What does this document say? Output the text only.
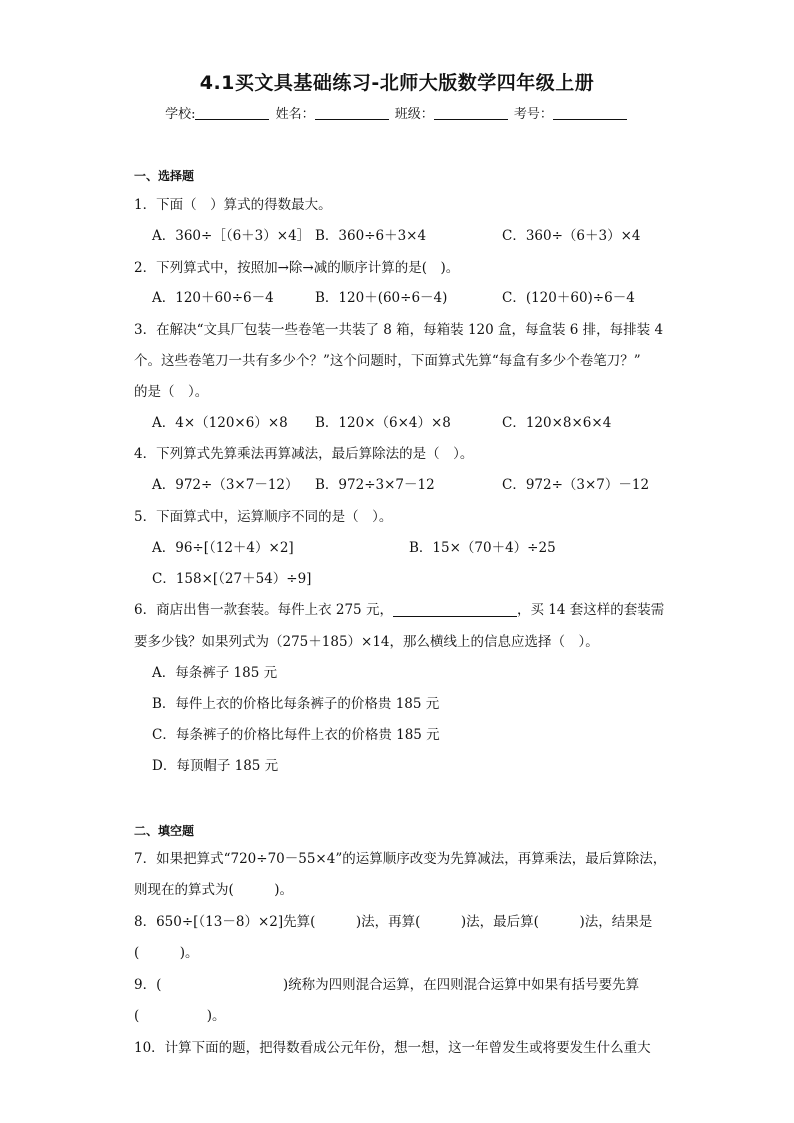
4.1买文具基础练习-北师大版数学四年级上册
学校:	姓名：	班级：	考号：
一、选择题
1．下面（　）算式的得数最大。
A．360÷［（6＋3）×4］ B．360÷6＋3×4	C．360÷（6＋3）×4
2．下列算式中，按照加→除→减的顺序计算的是(　)。
A．120＋60÷6－4	B．120＋(60÷6－4)	C．(120＋60)÷6－4
3．在解决“文具厂包装一些卷笔一共装了 8 箱，每箱装 120 盒，每盒装 6 排，每排装 4
个。这些卷笔刀一共有多少个？”这个问题时，下面算式先算“每盒有多少个卷笔刀？”
的是（　）。
A．4×（120×6）×8 B．120×（6×4）×8	C．120×8×6×4
4．下列算式先算乘法再算减法，最后算除法的是（　）。
A．972÷（3×7－12） B．972÷3×7－12	C．972÷（3×7）－12
5．下面算式中，运算顺序不同的是（　）。
A．96÷[（12＋4）×2]	B．15×（70＋4）÷25
C．158×[（27＋54）÷9]
6．商店出售一款套装。每件上衣 275 元，	，买 14 套这样的套装需
要多少钱？如果列式为（275＋185）×14，那么横线上的信息应选择（　）。
A．每条裤子 185 元
B．每件上衣的价格比每条裤子的价格贵 185 元
C．每条裤子的价格比每件上衣的价格贵 185 元
D．每顶帽子 185 元
二、填空题
7．如果把算式“720÷70－55×4”的运算顺序改变为先算减法，再算乘法，最后算除法，
则现在的算式为(　　　)。
8．650÷[（13－8）×2]先算(　　　)法，再算(　　　)法，最后算(　　　)法，结果是
(　　　)。
9．(　　　　　　　　　)统称为四则混合运算，在四则混合运算中如果有括号要先算
(　　　　　)。
10．计算下面的题，把得数看成公元年份，想一想，这一年曾发生或将要发生什么重大
